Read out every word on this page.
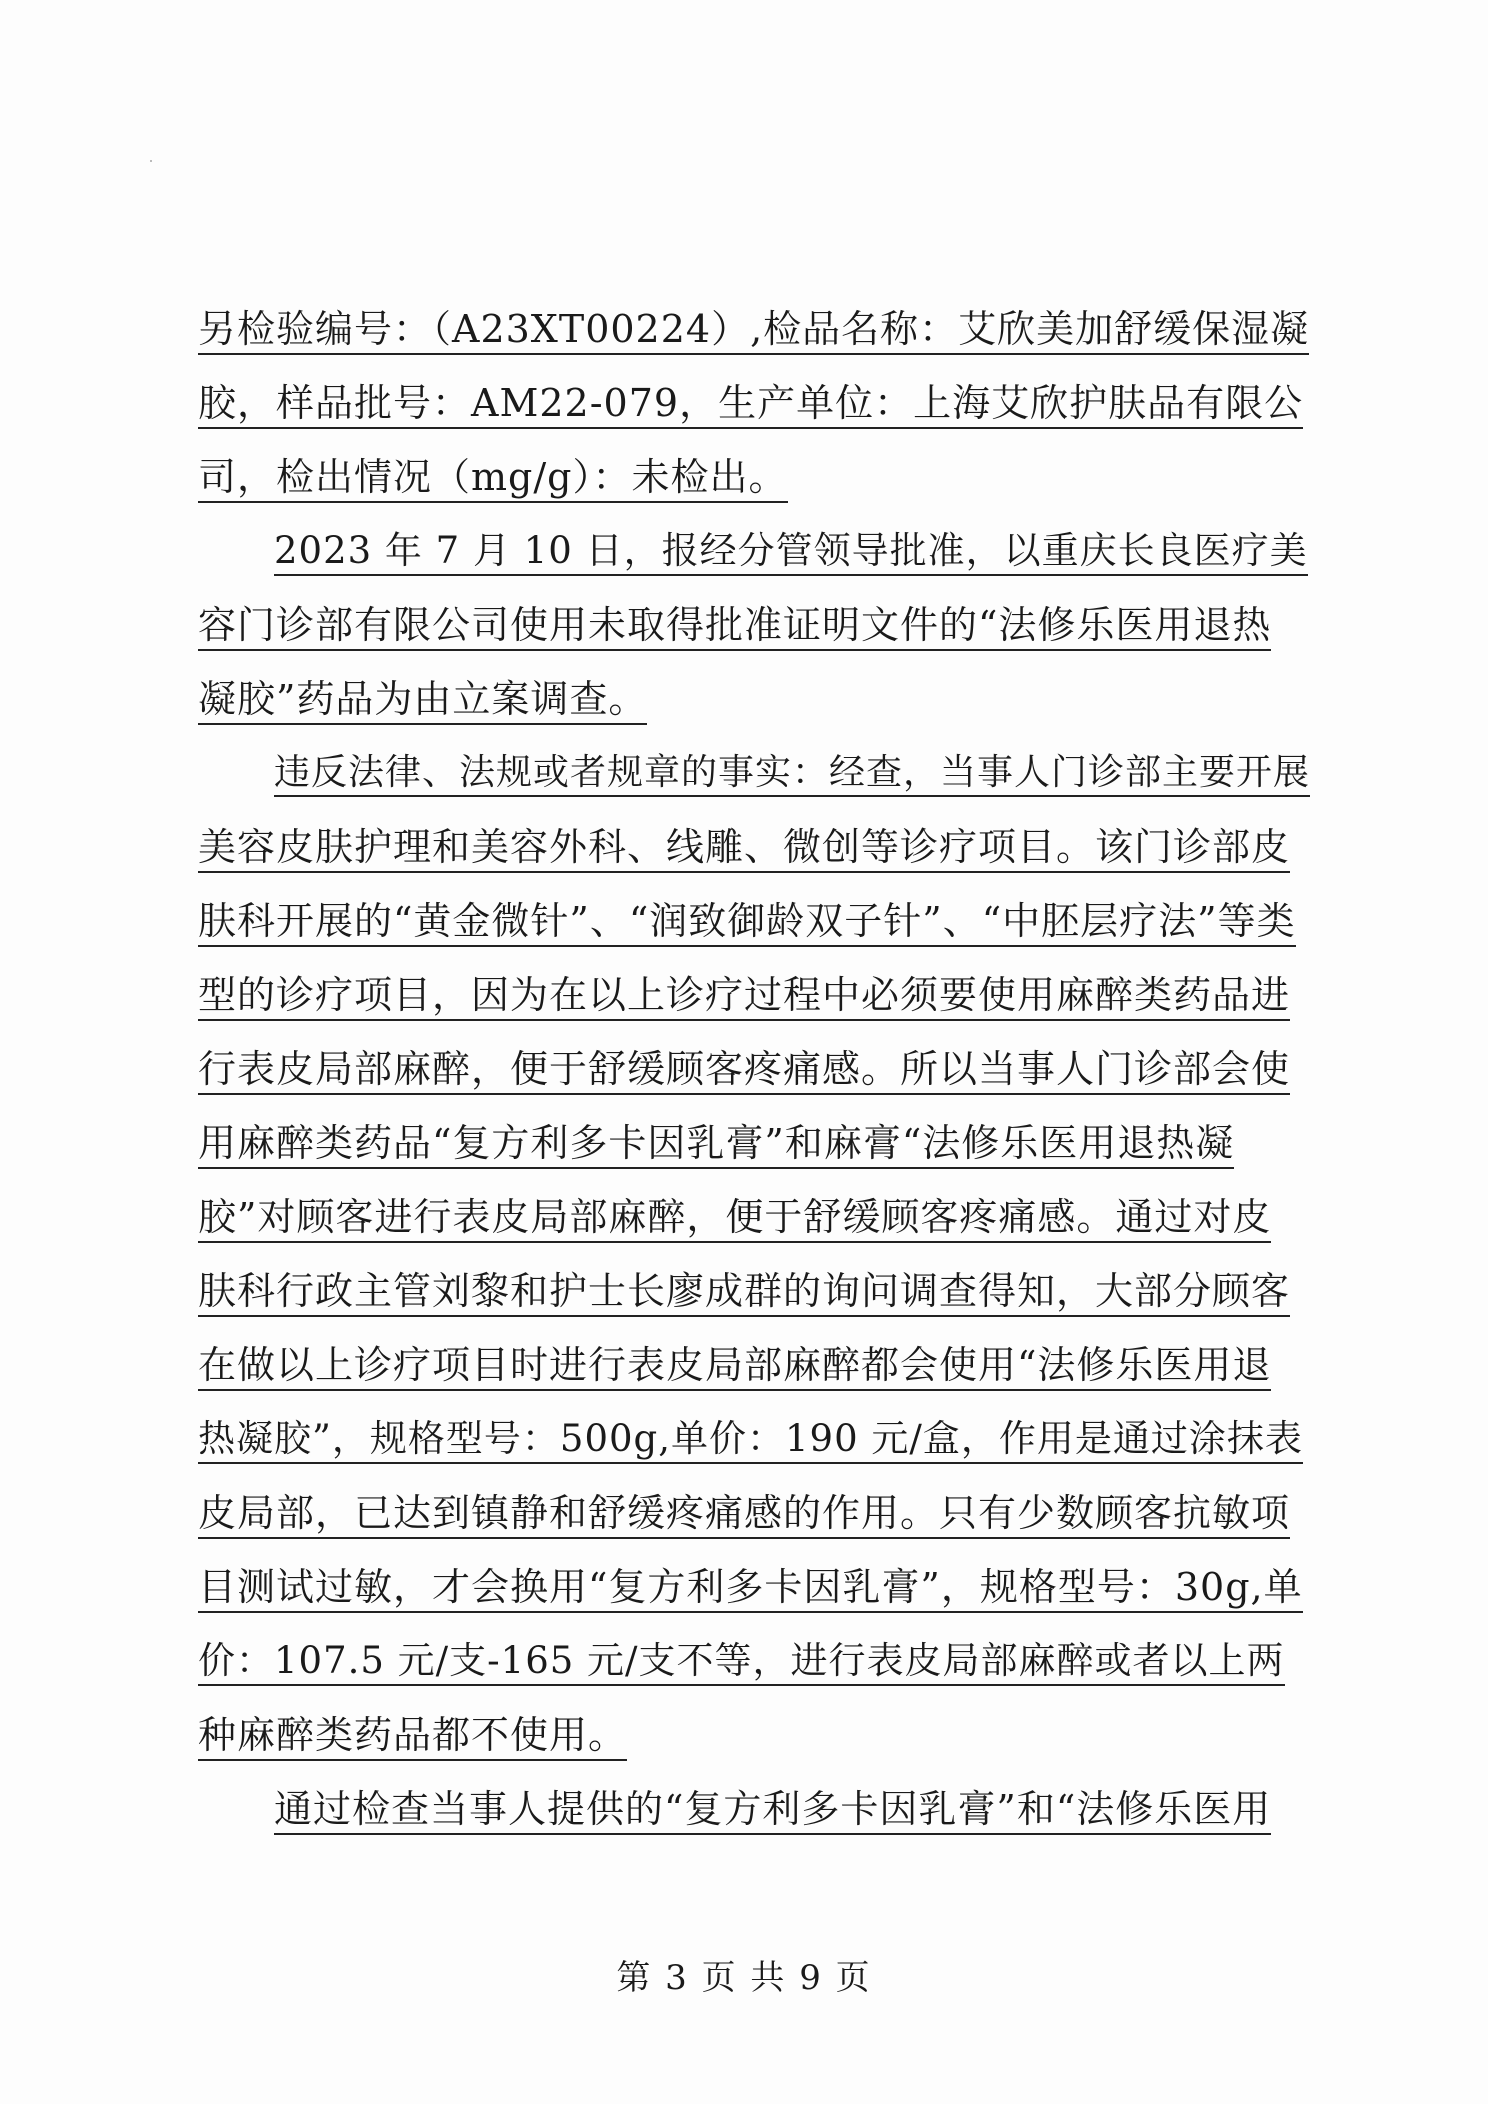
另检验编号：（A23XT00224）,检品名称：艾欣美加舒缓保湿凝
胶，样品批号：AM22-079，生产单位：上海艾欣护肤品有限公
司，检出情况（mg/g）：未检出。
2023 年 7 月 10 日，报经分管领导批准，以重庆长良医疗美
容门诊部有限公司使用未取得批准证明文件的“法修乐医用退热
凝胶”药品为由立案调查。
违反法律、法规或者规章的事实：经查，当事人门诊部主要开展
美容皮肤护理和美容外科、线雕、微创等诊疗项目。该门诊部皮
肤科开展的“黄金微针”、“润致御龄双子针”、“中胚层疗法”等类
型的诊疗项目，因为在以上诊疗过程中必须要使用麻醉类药品进
行表皮局部麻醉，便于舒缓顾客疼痛感。所以当事人门诊部会使
用麻醉类药品“复方利多卡因乳膏”和麻膏“法修乐医用退热凝
胶”对顾客进行表皮局部麻醉，便于舒缓顾客疼痛感。通过对皮
肤科行政主管刘黎和护士长廖成群的询问调查得知，大部分顾客
在做以上诊疗项目时进行表皮局部麻醉都会使用“法修乐医用退
热凝胶”，规格型号：500g,单价：190 元/盒，作用是通过涂抹表
皮局部，已达到镇静和舒缓疼痛感的作用。只有少数顾客抗敏项
目测试过敏，才会换用“复方利多卡因乳膏”，规格型号：30g,单
价：107.5 元/支-165 元/支不等，进行表皮局部麻醉或者以上两
种麻醉类药品都不使用。
通过检查当事人提供的“复方利多卡因乳膏”和“法修乐医用
第 3 页 共 9 页
